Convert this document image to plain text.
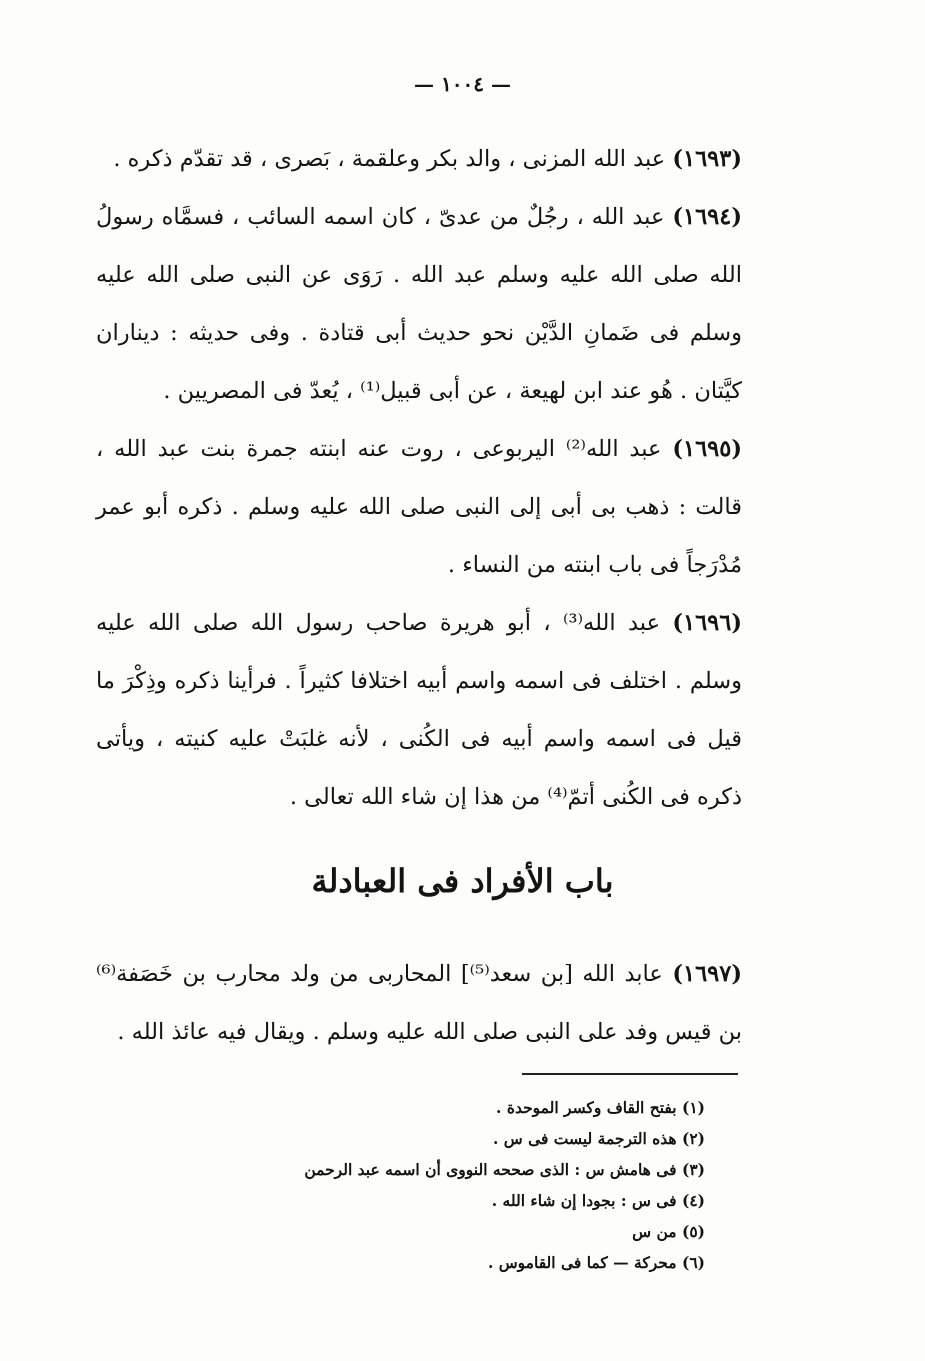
— ١٠٠٤ —

(١٦٩٣) عبد الله المزنى ، والد بكر وعلقمة ، بَصرى ، قد تقدّم ذكره .

(١٦٩٤) عبد الله ، رجُلٌ من عدىّ ، كان اسمه السائب ، فسمَّاه رسولُ الله صلى الله عليه وسلم عبد الله . رَوَى عن النبى صلى الله عليه وسلم فى ضَمانِ الدَّيْن نحو حديث أبى قتادة . وفى حديثه : ديناران كيَّتان . هُو عند ابن لهيعة ، عن أبى قبيل⁽¹⁾ ، يُعدّ فى المصريين .

(١٦٩٥) عبد الله⁽²⁾ اليربوعى ، روت عنه ابنته جمرة بنت عبد الله ، قالت : ذهب بى أبى إلى النبى صلى الله عليه وسلم . ذكره أبو عمر مُدْرَجاً فى باب ابنته من النساء .

(١٦٩٦) عبد الله⁽³⁾ ، أبو هريرة صاحب رسول الله صلى الله عليه وسلم . اختلف فى اسمه واسم أبيه اختلافا كثيراً . فرأينا ذكره وذِكْرَ ما قيل فى اسمه واسم أبيه فى الكُنى ، لأنه غلبَتْ عليه كنيته ، ويأتى ذكره فى الكُنى أتمّ⁽⁴⁾ من هذا إن شاء الله تعالى .

باب الأفراد فى العبادلة

(١٦٩٧) عابد الله [بن سعد⁽⁵⁾] المحاربى من ولد محارب بن خَصَفة⁽⁶⁾ بن قيس وفد على النبى صلى الله عليه وسلم . ويقال فيه عائذ الله .

(١) بفتح القاف وكسر الموحدة .

(٢) هذه الترجمة ليست فى س .

(٣) فى هامش س : الذى صححه النووى أن اسمه عبد الرحمن

(٤) فى س : بجودا إن شاء الله .

(٥) من س

(٦) محركة — كما فى القاموس .
